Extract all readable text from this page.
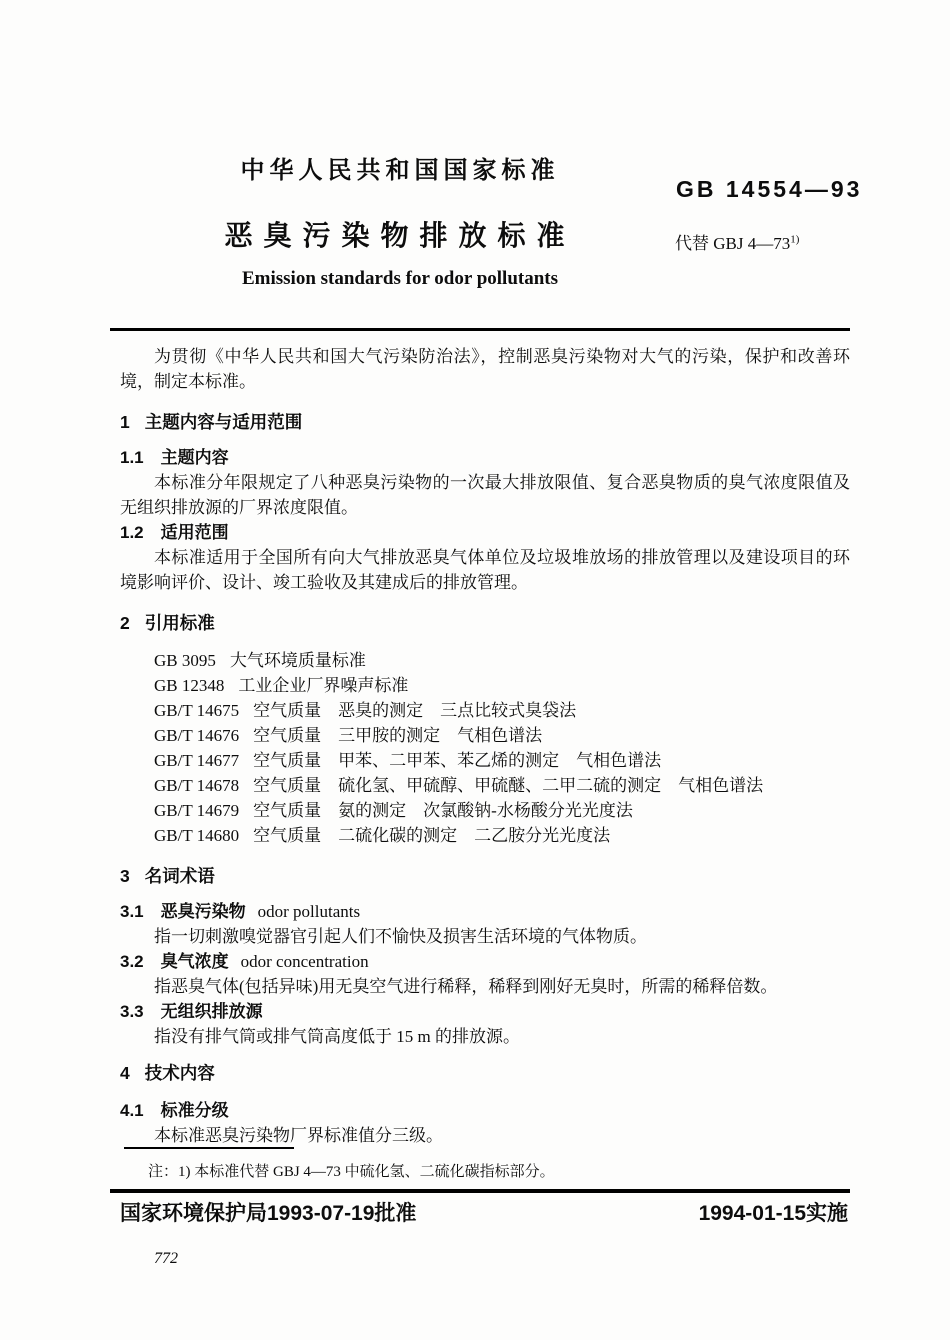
中华人民共和国国家标准
GB 14554—93
恶臭污染物排放标准	代替 GBJ 4—73$^{1)}$
Emission standards for odor pollutants

为贯彻《中华人民共和国大气污染防治法》，控制恶臭污染物对大气的污染，保护和改善环境，制定本标准。

1 主题内容与适用范围
1.1 主题内容

本标准分年限规定了八种恶臭污染物的一次最大排放限值、复合恶臭物质的臭气浓度限值及无组织排放源的厂界浓度限值。

1.2 适用范围

本标准适用于全国所有向大气排放恶臭气体单位及垃圾堆放场的排放管理以及建设项目的环境影响评价、设计、竣工验收及其建成后的排放管理。

2 引用标准
GB 3095 大气环境质量标准
GB 12348 工业企业厂界噪声标准
GB/T 14675 空气质量　恶臭的测定　三点比较式臭袋法
GB/T 14676 空气质量　三甲胺的测定　气相色谱法
GB/T 14677 空气质量　甲苯、二甲苯、苯乙烯的测定　气相色谱法
GB/T 14678 空气质量　硫化氢、甲硫醇、甲硫醚、二甲二硫的测定　气相色谱法
GB/T 14679 空气质量　氨的测定　次氯酸钠-水杨酸分光光度法
GB/T 14680 空气质量　二硫化碳的测定　二乙胺分光光度法
3 名词术语
3.1 恶臭污染物 odor pollutants

指一切刺激嗅觉器官引起人们不愉快及损害生活环境的气体物质。

3.2 臭气浓度 odor concentration

指恶臭气体(包括异味)用无臭空气进行稀释，稀释到刚好无臭时，所需的稀释倍数。

3.3 无组织排放源

指没有排气筒或排气筒高度低于 15 m 的排放源。

4 技术内容
4.1 标准分级

本标准恶臭污染物厂界标准值分三级。

注：1) 本标准代替 GBJ 4—73 中硫化氢、二硫化碳指标部分。
国家环境保护局1993-07-19批准	1994-01-15实施
772
